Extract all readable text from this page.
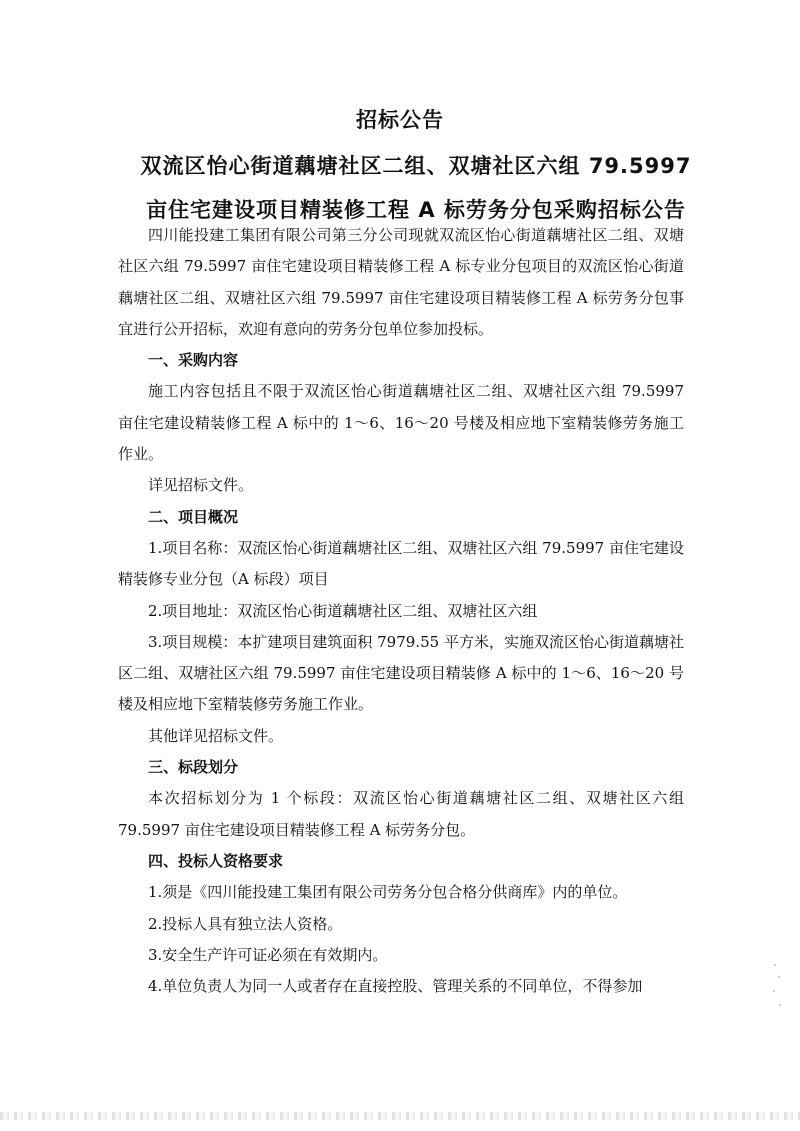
招标公告
双流区怡心街道藕塘社区二组、双塘社区六组 79.5997
亩住宅建设项目精装修工程 A 标劳务分包采购招标公告

四川能投建工集团有限公司第三分公司现就双流区怡心街道藕塘社区二组、双塘社区六组 79.5997 亩住宅建设项目精装修工程 A 标专业分包项目的双流区怡心街道藕塘社区二组、双塘社区六组 79.5997 亩住宅建设项目精装修工程 A 标劳务分包事宜进行公开招标，欢迎有意向的劳务分包单位参加投标。

一、采购内容

施工内容包括且不限于双流区怡心街道藕塘社区二组、双塘社区六组 79.5997 亩住宅建设精装修工程 A 标中的 1～6、16～20 号楼及相应地下室精装修劳务施工作业。

详见招标文件。

二、项目概况

1.项目名称：双流区怡心街道藕塘社区二组、双塘社区六组 79.5997 亩住宅建设精装修专业分包（A 标段）项目

2.项目地址：双流区怡心街道藕塘社区二组、双塘社区六组

3.项目规模：本扩建项目建筑面积 7979.55 平方米，实施双流区怡心街道藕塘社区二组、双塘社区六组 79.5997 亩住宅建设项目精装修 A 标中的 1～6、16～20 号楼及相应地下室精装修劳务施工作业。

其他详见招标文件。

三、标段划分

本次招标划分为 1 个标段：双流区怡心街道藕塘社区二组、双塘社区六组 79.5997 亩住宅建设项目精装修工程 A 标劳务分包。

四、投标人资格要求

1.须是《四川能投建工集团有限公司劳务分包合格分供商库》内的单位。

2.投标人具有独立法人资格。

3.安全生产许可证必须在有效期内。

4.单位负责人为同一人或者存在直接控股、管理关系的不同单位，不得参加
